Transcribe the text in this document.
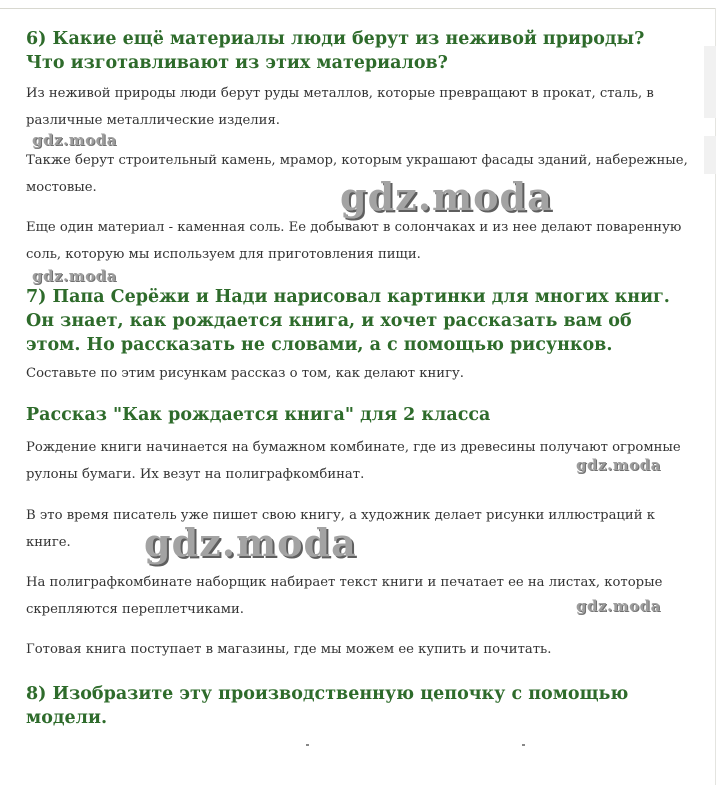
6) Какие ещё материалы люди берут из неживой природы? Что изготавливают из этих материалов?

Из неживой природы люди берут руды металлов, которые превращают в прокат, сталь, в различные металлические изделия.

Также берут строительный камень, мрамор, которым украшают фасады зданий, набережные, мостовые.

Еще один материал - каменная соль. Ее добывают в солончаках и из нее делают поваренную соль, которую мы используем для приготовления пищи.

7) Папа Серёжи и Нади нарисовал картинки для многих книг. Он знает, как рождается книга, и хочет рассказать вам об этом. Но рассказать не словами, а с помощью рисунков.

Составьте по этим рисункам рассказ о том, как делают книгу.

Рассказ "Как рождается книга" для 2 класса

Рождение книги начинается на бумажном комбинате, где из древесины получают огромные рулоны бумаги. Их везут на полиграфкомбинат.

В это время писатель уже пишет свою книгу, а художник делает рисунки иллюстраций к книге.

На полиграфкомбинате наборщик набирает текст книги и печатает ее на листах, которые скрепляются переплетчиками.

Готовая книга поступает в магазины, где мы можем ее купить и почитать.

8) Изобразите эту производственную цепочку с помощью модели.
gdz.moda
gdz.moda
gdz.moda
gdz.moda
gdz.moda
gdz.moda
